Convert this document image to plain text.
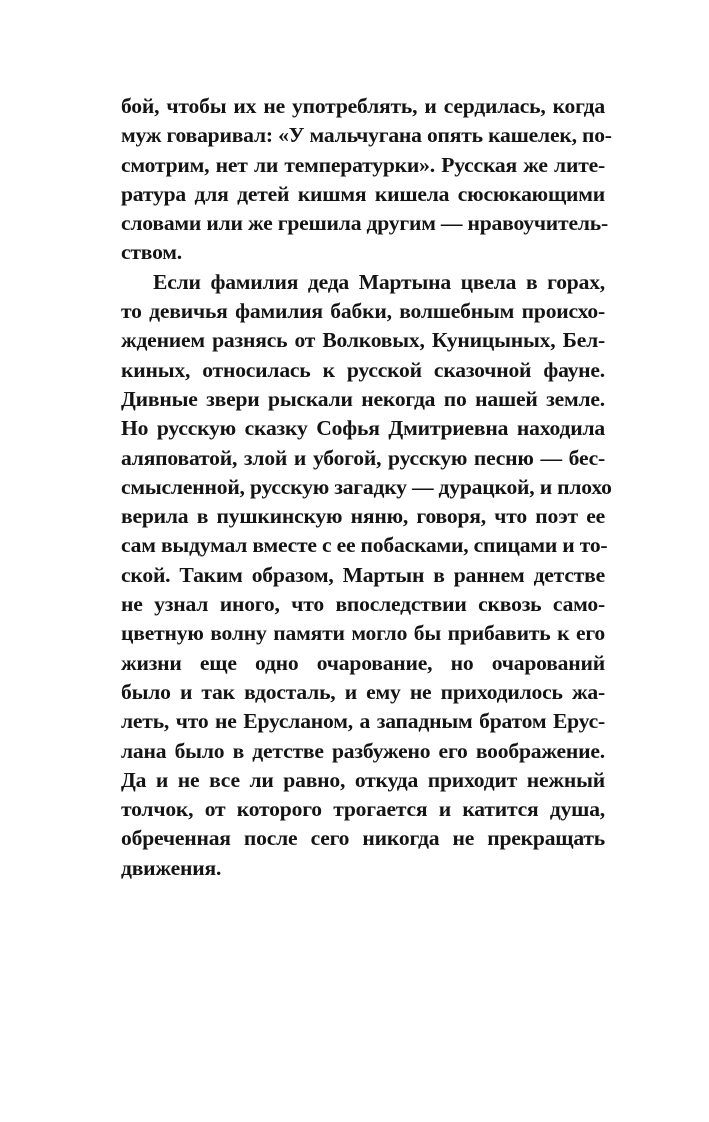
бой, чтобы их не употреблять, и сердилась, когда
муж говаривал: «У мальчугана опять кашелек, по-
смотрим, нет ли температурки». Русская же лите-
ратура для детей кишмя кишела сюсюкающими
словами или же грешила другим — нравоучитель-
ством.
Если фамилия деда Мартына цвела в горах,
то девичья фамилия бабки, волшебным происхо-
ждением разнясь от Волковых, Куницыных, Бел-
киных, относилась к русской сказочной фауне.
Дивные звери рыскали некогда по нашей земле.
Но русскую сказку Софья Дмитриевна находила
аляповатой, злой и убогой, русскую песню — бес-
смысленной, русскую загадку — дурацкой, и плохо
верила в пушкинскую няню, говоря, что поэт ее
сам выдумал вместе с ее побасками, спицами и то-
ской. Таким образом, Мартын в раннем детстве
не узнал иного, что впоследствии сквозь само-
цветную волну памяти могло бы прибавить к его
жизни еще одно очарование, но очарований
было и так вдосталь, и ему не приходилось жа-
леть, что не Ерусланом, а западным братом Ерус-
лана было в детстве разбужено его воображение.
Да и не все ли равно, откуда приходит нежный
толчок, от которого трогается и катится душа,
обреченная после сего никогда не прекращать
движения.
